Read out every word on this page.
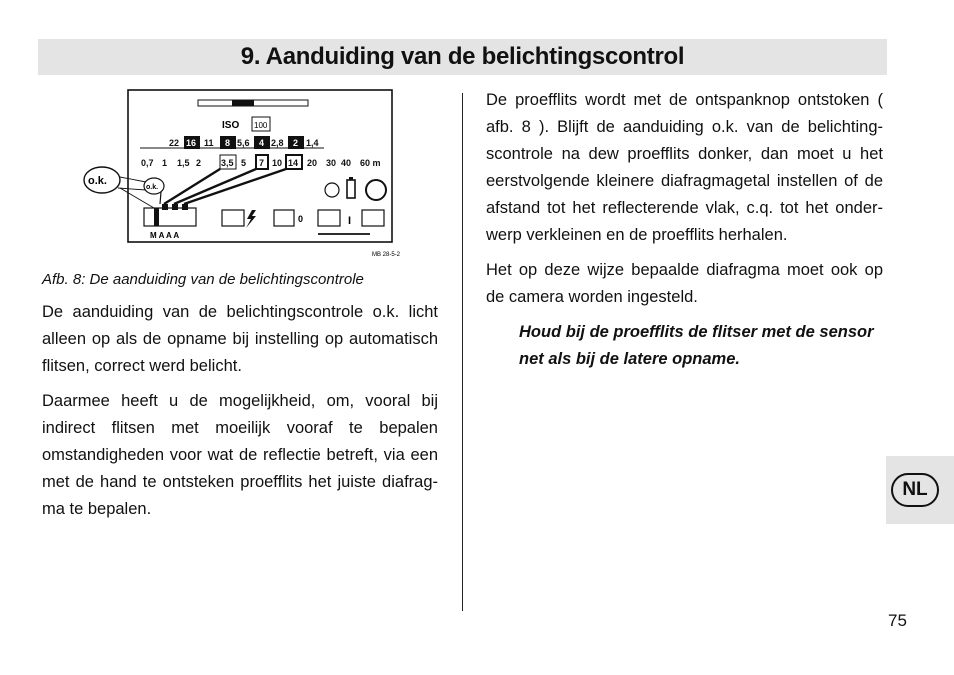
9. Aanduiding van de belichtingscontrol
ISO 100
22 16 11 8 5,6 4 2,8 2 1,4
0,7 1 1,5 2 3,5 5 7 10 14 20 30 40 60 m
o.k.
o.k.
M A A A
0	I
MB 28-5-2
Afb. 8: De aanduiding van de belichtingscontrole

De aanduiding van de belichtingscontrole o.k. licht alleen op als de opname bij instelling op automatisch flitsen, correct werd belicht.

Daarmee heeft u de mogelijkheid, om, vooral bij indirect flitsen met moeilijk vooraf te bepalen omstandigheden voor wat de reflectie betreft, via een met de hand te ontsteken proefflits het juiste diafrag-ma te bepalen.

De proefflits wordt met de ontspanknop ontstoken ( afb. 8 ). Blijft de aanduiding o.k. van de belichting-scontrole na dew proefflits donker, dan moet u het eerstvolgende kleinere diafragmagetal instellen of de afstand tot het reflecterende vlak, c.q. tot het onder-werp verkleinen en de proefflits herhalen.

Het op deze wijze bepaalde diafragma moet ook op de camera worden ingesteld.

Houd bij de proefflits de flitser met de sensor net als bij de latere opname.

NL
75
